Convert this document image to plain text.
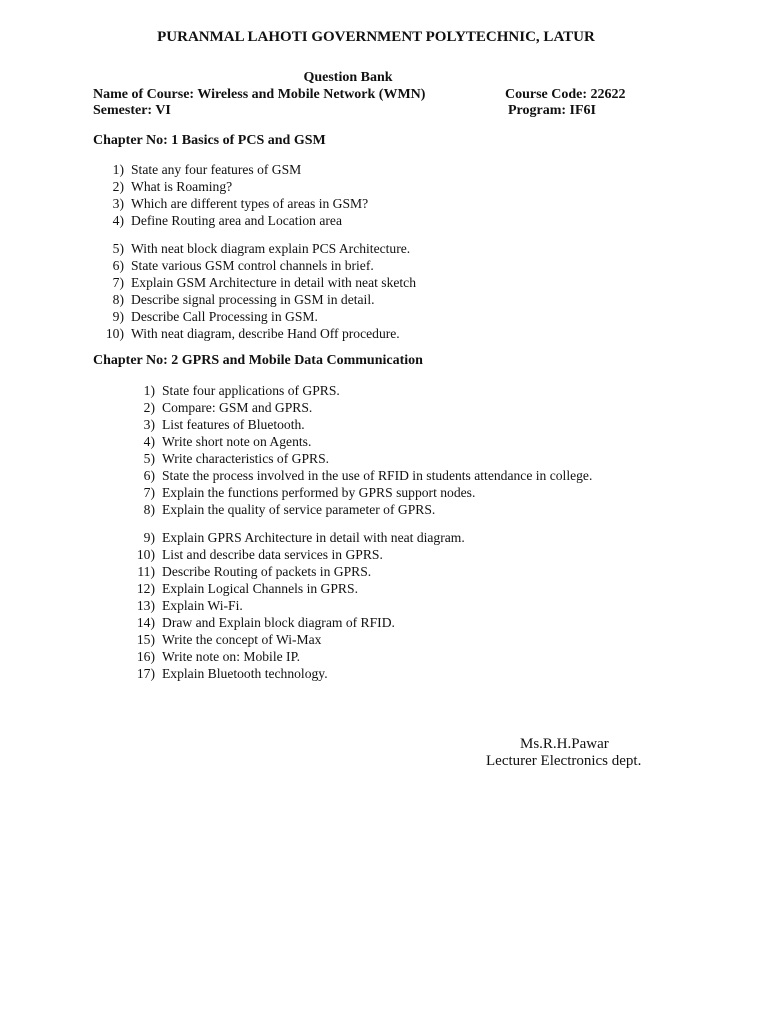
PURANMAL LAHOTI GOVERNMENT POLYTECHNIC, LATUR
Question Bank
Name of Course: Wireless and Mobile Network (WMN)	Course Code: 22622
Semester: VI	Program: IF6I
Chapter No: 1 Basics of PCS and GSM
1) State any four features of GSM
2) What is Roaming?
3) Which are different types of areas in GSM?
4) Define Routing area and Location area
5) With neat block diagram explain PCS Architecture.
6) State various GSM control channels in brief.
7) Explain GSM Architecture in detail with neat sketch
8) Describe signal processing in GSM in detail.
9) Describe Call Processing in GSM.
10) With neat diagram, describe Hand Off procedure.
Chapter No: 2 GPRS and Mobile Data Communication
1) State four applications of GPRS.
2) Compare: GSM and GPRS.
3) List features of Bluetooth.
4) Write short note on Agents.
5) Write characteristics of GPRS.
6) State the process involved in the use of RFID in students attendance in college.
7) Explain the functions performed by GPRS support nodes.
8) Explain the quality of service parameter of GPRS.
9) Explain GPRS Architecture in detail with neat diagram.
10) List and describe data services in GPRS.
11) Describe Routing of packets in GPRS.
12) Explain Logical Channels in GPRS.
13) Explain Wi-Fi.
14) Draw and Explain block diagram of RFID.
15) Write the concept of Wi-Max
16) Write note on: Mobile IP.
17) Explain Bluetooth technology.
Ms.R.H.Pawar
Lecturer Electronics dept.
